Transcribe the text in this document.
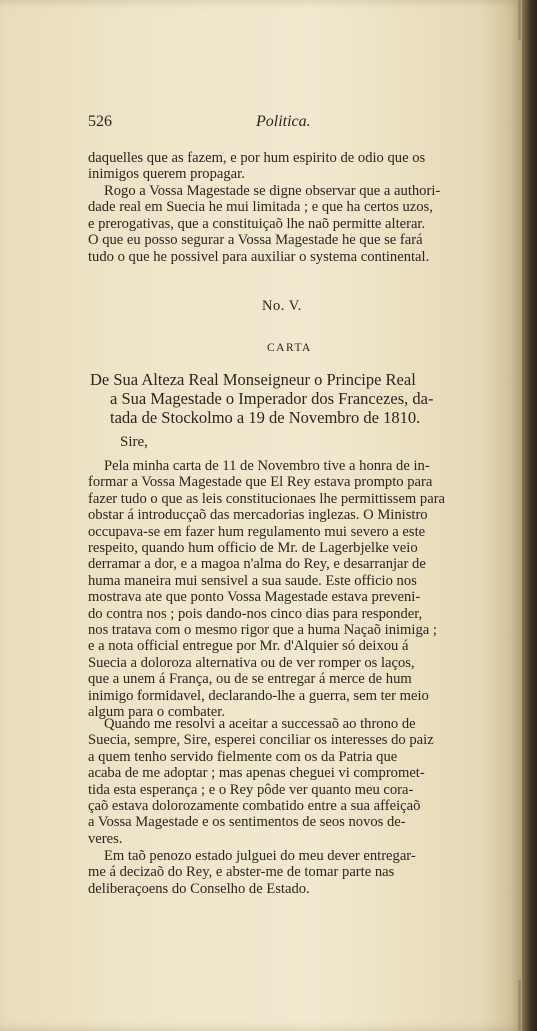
526	Politica.

daquelles que as fazem, e por hum espirito de odio que os
inimigos querem propagar.

Rogo a Vossa Magestade se digne observar que a authori-
dade real em Suecia he mui limitada ; e que ha certos uzos,
e prerogativas, que a constituiçaõ lhe naõ permitte alterar.
O que eu posso segurar a Vossa Magestade he que se fará
tudo o que he possivel para auxiliar o systema continental.

No. V.
CARTA
De Sua Alteza Real Monseigneur o Principe Real
a Sua Magestade o Imperador dos Francezes, da-
tada de Stockolmo a 19 de Novembro de 1810.
Sire,

Pela minha carta de 11 de Novembro tive a honra de in-
formar a Vossa Magestade que El Rey estava prompto para
fazer tudo o que as leis constitucionaes lhe permittissem para
obstar á introducçaõ das mercadorias inglezas. O Ministro
occupava-se em fazer hum regulamento mui severo a este
respeito, quando hum officio de Mr. de Lagerbjelke veio
derramar a dor, e a magoa n'alma do Rey, e desarranjar de
huma maneira mui sensivel a sua saude. Este officio nos
mostrava ate que ponto Vossa Magestade estava preveni-
do contra nos ; pois dando-nos cinco dias para responder,
nos tratava com o mesmo rigor que a huma Naçaõ inimiga ;
e a nota official entregue por Mr. d'Alquier só deixou á
Suecia a doloroza alternativa ou de ver romper os laços,
que a unem á França, ou de se entregar á merce de hum
inimigo formidavel, declarando-lhe a guerra, sem ter meio
algum para o combater.

Quando me resolvi a aceitar a successaõ ao throno de
Suecia, sempre, Sire, esperei conciliar os interesses do paiz
a quem tenho servido fielmente com os da Patria que
acaba de me adoptar ; mas apenas cheguei vi compromet-
tida esta esperança ; e o Rey pôde ver quanto meu cora-
çaõ estava dolorozamente combatido entre a sua affeiçaõ
a Vossa Magestade e os sentimentos de seos novos de-
veres.

Em taõ penozo estado julguei do meu dever entregar-
me á decizaõ do Rey, e abster-me de tomar parte nas
deliberaçoens do Conselho de Estado.
